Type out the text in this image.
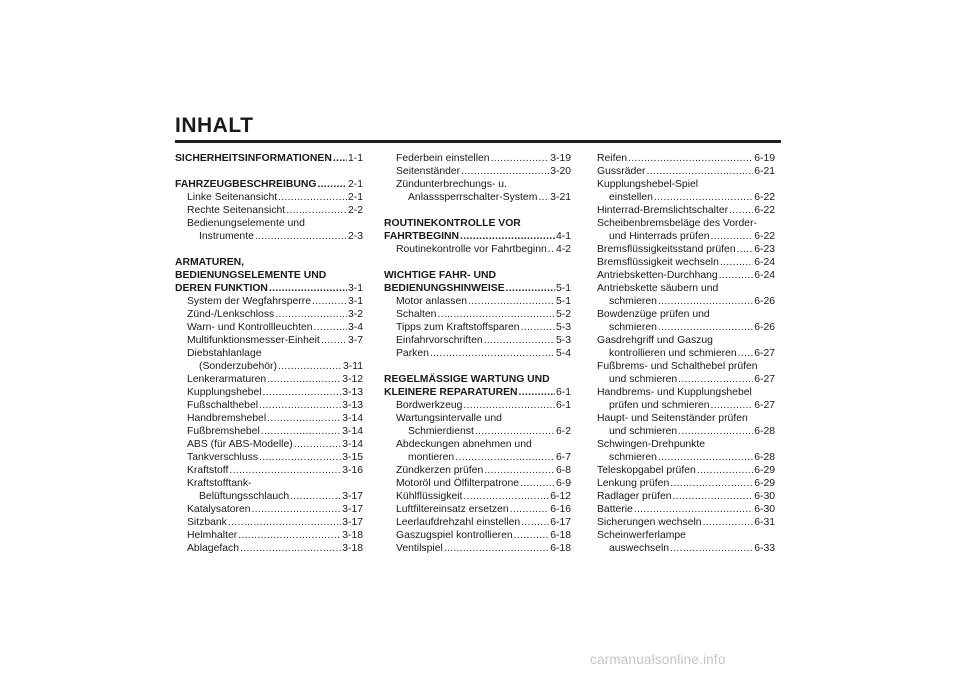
INHALT
SICHERHEITSINFORMATIONEN ..... 1-1
FAHRZEUGBESCHREIBUNG .....	2-1
Linke Seitenansicht .....	2-1
Rechte Seitenansicht .....	2-2
Bedienungselemente und
Instrumente .....	2-3
ARMATUREN,
BEDIENUNGSELEMENTE UND
DEREN FUNKTION .....	3-1
System der Wegfahrsperre .....	3-1
Zünd-/Lenkschloss .....	3-2
Warn- und Kontrollleuchten .....	3-4
Multifunktionsmesser-Einheit .....	3-7
Diebstahlanlage
(Sonderzubehör) .....	3-11
Lenkerarmaturen .....	3-12
Kupplungshebel .....	3-13
Fußschalthebel .....	3-13
Handbremshebel .....	3-14
Fußbremshebel .....	3-14
ABS (für ABS-Modelle) .....	3-14
Tankverschluss .....	3-15
Kraftstoff .....	3-16
Kraftstofftank-
Belüftungsschlauch .....	3-17
Katalysatoren .....	3-17
Sitzbank .....	3-17
Helmhalter .....	3-18
Ablagefach .....	3-18
Federbein einstellen .....	3-19
Seitenständer .....	3-20
Zündunterbrechungs- u.
Anlasssperrschalter-System ..... 3-21
ROUTINEKONTROLLE VOR
FAHRTBEGINN .....	4-1
Routinekontrolle vor Fahrtbeginn ..... 4-2
WICHTIGE FAHR- UND
BEDIENUNGSHINWEISE .....	5-1
Motor anlassen .....	5-1
Schalten .....	5-2
Tipps zum Kraftstoffsparen .....	5-3
Einfahrvorschriften .....	5-3
Parken .....	5-4
REGELMÄSSIGE WARTUNG UND
KLEINERE REPARATUREN .....	6-1
Bordwerkzeug .....	6-1
Wartungsintervalle und
Schmierdienst .....	6-2
Abdeckungen abnehmen und
montieren .....	6-7
Zündkerzen prüfen .....	6-8
Motoröl und Ölfilterpatrone .....	6-9
Kühlflüssigkeit .....	6-12
Luftfiltereinsatz ersetzen .....	6-16
Leerlaufdrehzahl einstellen .....	6-17
Gaszugspiel kontrollieren .....	6-18
Ventilspiel .....	6-18
Reifen .....	6-19
Gussräder .....	6-21
Kupplungshebel-Spiel
einstellen .....	6-22
Hinterrad-Bremslichtschalter .....	6-22
Scheibenbremsbeläge des Vorder-
und Hinterrads prüfen .....	6-22
Bremsflüssigkeitsstand prüfen ..... 6-23
Bremsflüssigkeit wechseln .....	6-24
Antriebsketten-Durchhang .....	6-24
Antriebskette säubern und
schmieren .....	6-26
Bowdenzüge prüfen und
schmieren .....	6-26
Gasdrehgriff und Gaszug
kontrollieren und schmieren ..... 6-27
Fußbrems- und Schalthebel prüfen
und schmieren .....	6-27
Handbrems- und Kupplungshebel
prüfen und schmieren .....	6-27
Haupt- und Seitenständer prüfen
und schmieren .....	6-28
Schwingen-Drehpunkte
schmieren .....	6-28
Teleskopgabel prüfen .....	6-29
Lenkung prüfen .....	6-29
Radlager prüfen .....	6-30
Batterie .....	6-30
Sicherungen wechseln .....	6-31
Scheinwerferlampe
auswechseln .....	6-33
carmanualsonline.info
